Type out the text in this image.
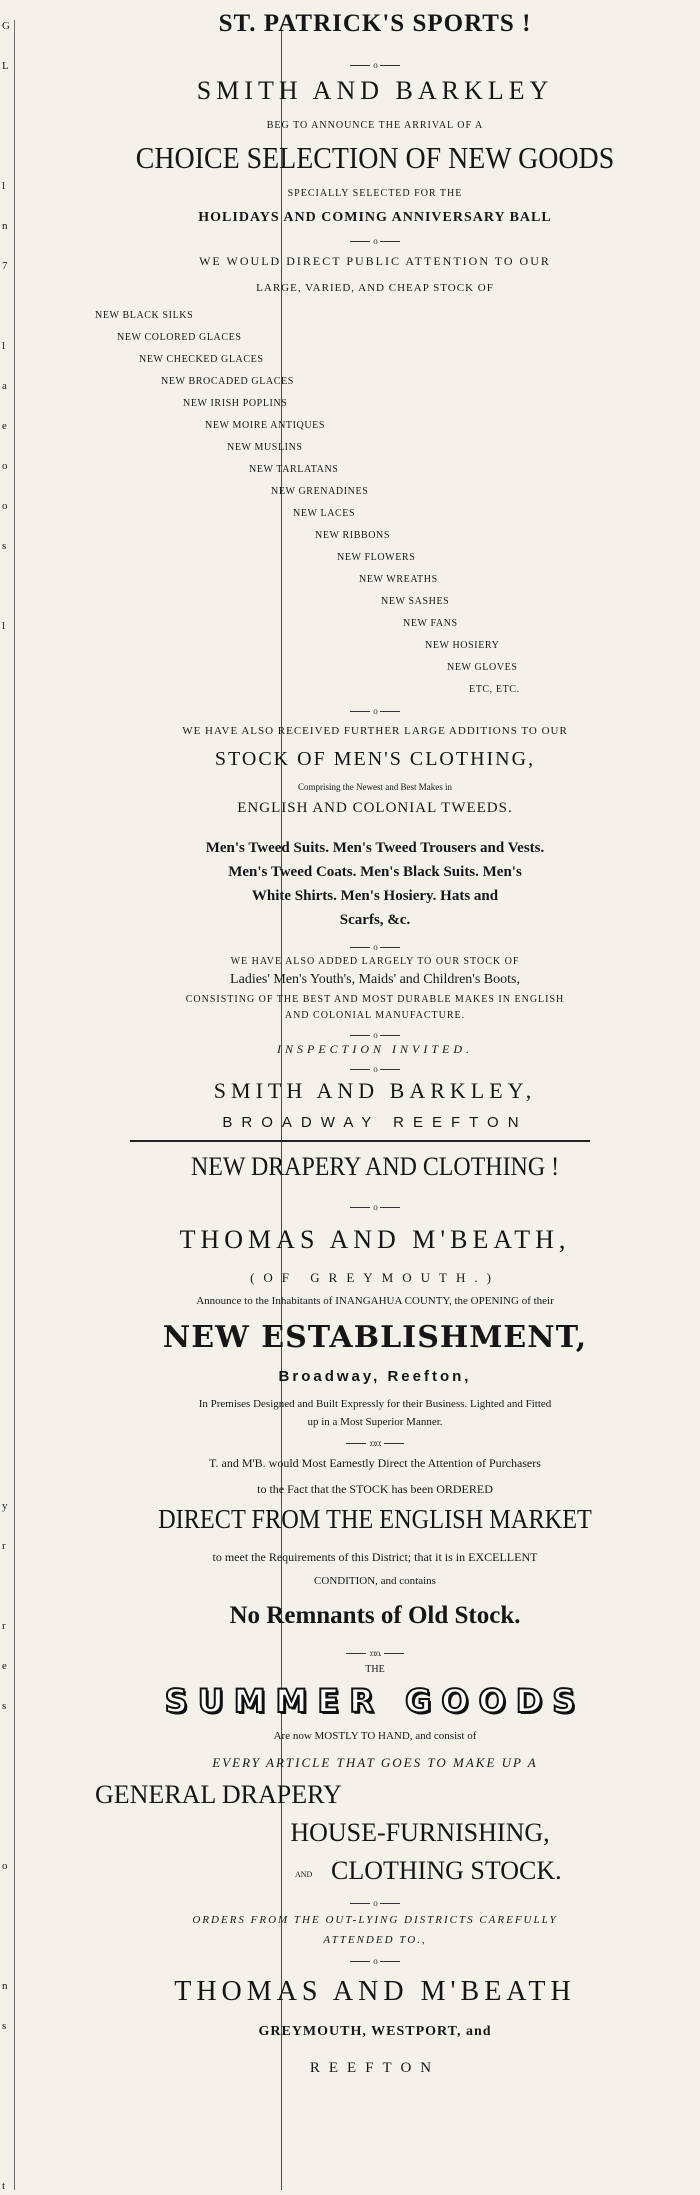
G
L
l
n
7
l
a
e
o
o
s
l
y
r
r
e
s
o
n
s
t
ST. PATRICK'S SPORTS !
o
SMITH AND BARKLEY
BEG TO ANNOUNCE THE ARRIVAL OF A
CHOICE SELECTION OF NEW GOODS
SPECIALLY SELECTED FOR THE
HOLIDAYS AND COMING ANNIVERSARY BALL
o
WE WOULD DIRECT PUBLIC ATTENTION TO OUR
LARGE, VARIED, AND CHEAP STOCK OF
NEW BLACK SILKS
NEW COLORED GLACES
NEW CHECKED GLACES
NEW BROCADED GLACES
NEW IRISH POPLINS
NEW MOIRE ANTIQUES
NEW MUSLINS
NEW TARLATANS
NEW GRENADINES
NEW LACES
NEW RIBBONS
NEW FLOWERS
NEW WREATHS
NEW SASHES
NEW FANS
NEW HOSIERY
NEW GLOVES
ETC, ETC.
o
WE HAVE ALSO RECEIVED FURTHER LARGE ADDITIONS TO OUR
STOCK OF MEN'S CLOTHING,
Comprising the Newest and Best Makes in
ENGLISH AND COLONIAL TWEEDS.
Men's Tweed Suits. Men's Tweed Trousers and Vests.
Men's Tweed Coats. Men's Black Suits. Men's
White Shirts. Men's Hosiery. Hats and
Scarfs, &c.
o
WE HAVE ALSO ADDED LARGELY TO OUR STOCK OF
Ladies' Men's Youth's, Maids' and Children's Boots,
CONSISTING OF THE BEST AND MOST DURABLE MAKES IN ENGLISH
AND COLONIAL MANUFACTURE.
o
INSPECTION INVITED.
o
SMITH AND BARKLEY,
BROADWAY REEFTON
NEW DRAPERY AND CLOTHING !
o
THOMAS AND M'BEATH,
(OF GREYMOUTH.)
Announce to the Inhabitants of INANGAHUA COUNTY, the OPENING of their
NEW ESTABLISHMENT,
Broadway, Reefton,
In Premises Designed and Built Expressly for their Business. Lighted and Fitted
up in a Most Superior Manner.
:o:o:
T. and M'B. would Most Earnestly Direct the Attention of Purchasers
to the Fact that the STOCK has been ORDERED
DIRECT FROM THE ENGLISH MARKET
to meet the Requirements of this District; that it is in EXCELLENT
CONDITION, and contains
No Remnants of Old Stock.
:o:o.
THE
SUMMER GOODS
Are now MOSTLY TO HAND, and consist of
EVERY ARTICLE THAT GOES TO MAKE UP A
GENERAL DRAPERY
HOUSE-FURNISHING,
AND CLOTHING STOCK.
o
ORDERS FROM THE OUT-LYING DISTRICTS CAREFULLY
ATTENDED TO.,
o
THOMAS AND M'BEATH
GREYMOUTH, WESTPORT, and
REEFTON
